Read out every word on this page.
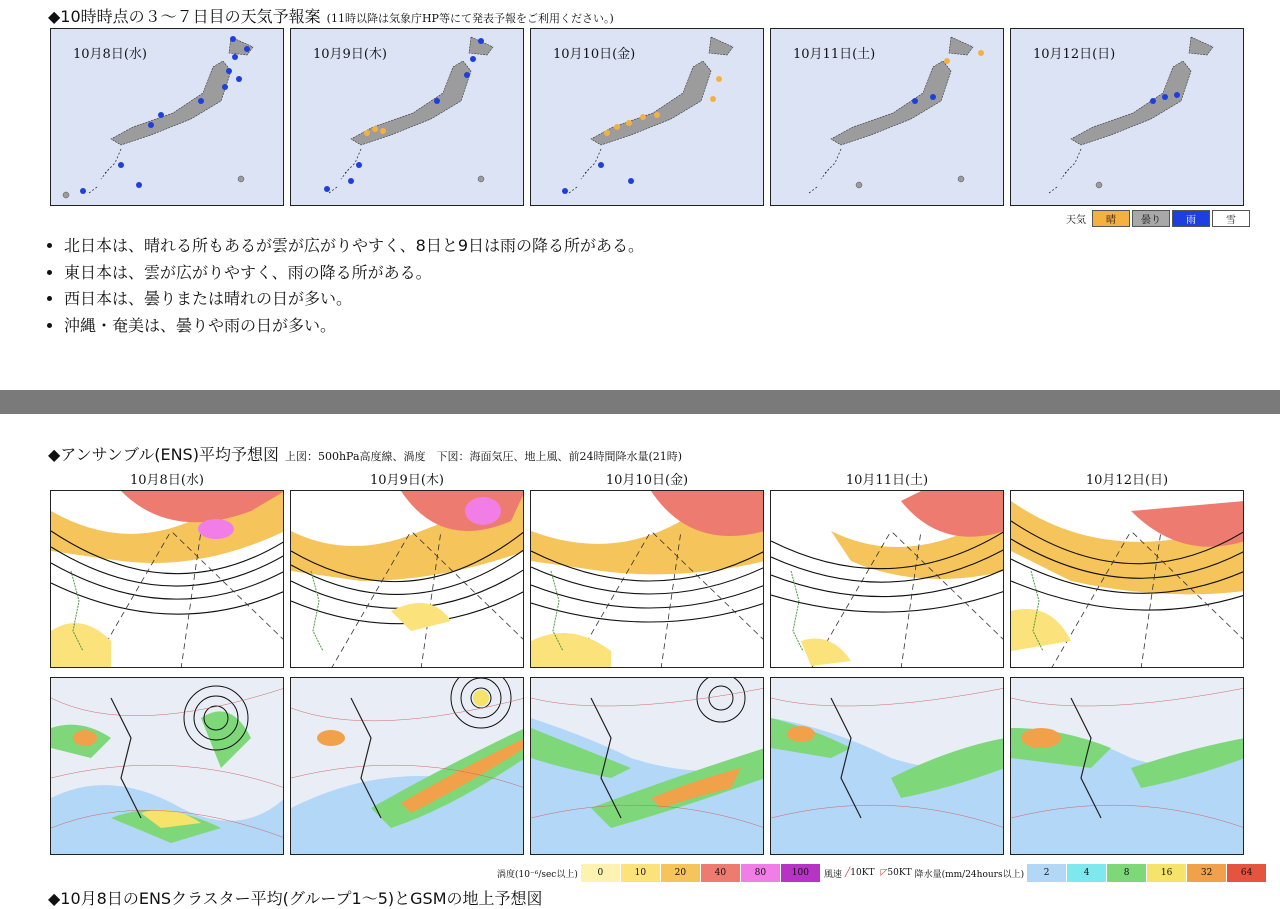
◆10時時点の３～７日目の天気予報案 (11時以降は気象庁HP等にて発表予報をご利用ください。)
10月8日(水)	10月9日(木)	10月10日(金)	10月11日(土)	10月12日(日)
天気	晴	曇り	雨	雪
• 北日本は、晴れる所もあるが雲が広がりやすく、8日と9日は雨の降る所がある。
• 東日本は、雲が広がりやすく、雨の降る所がある。
• 西日本は、曇りまたは晴れの日が多い。
• 沖縄・奄美は、曇りや雨の日が多い。
◆アンサンブル(ENS)平均予想図 上図：500hPa高度線、渦度　下図：海面気圧、地上風、前24時間降水量(21時)
10月8日(水)	10月9日(木)	10月10日(金)	10月11日(土)	10月12日(日)
渦度(10⁻⁶/sec以上)	0	10	20	40	80	100	風速 ╱ 10KT ◸ 50KT 降水量(mm/24hours以上)	2	4	8	16	32	64
◆10月8日のENSクラスター平均(グループ1～5)とGSMの地上予想図
